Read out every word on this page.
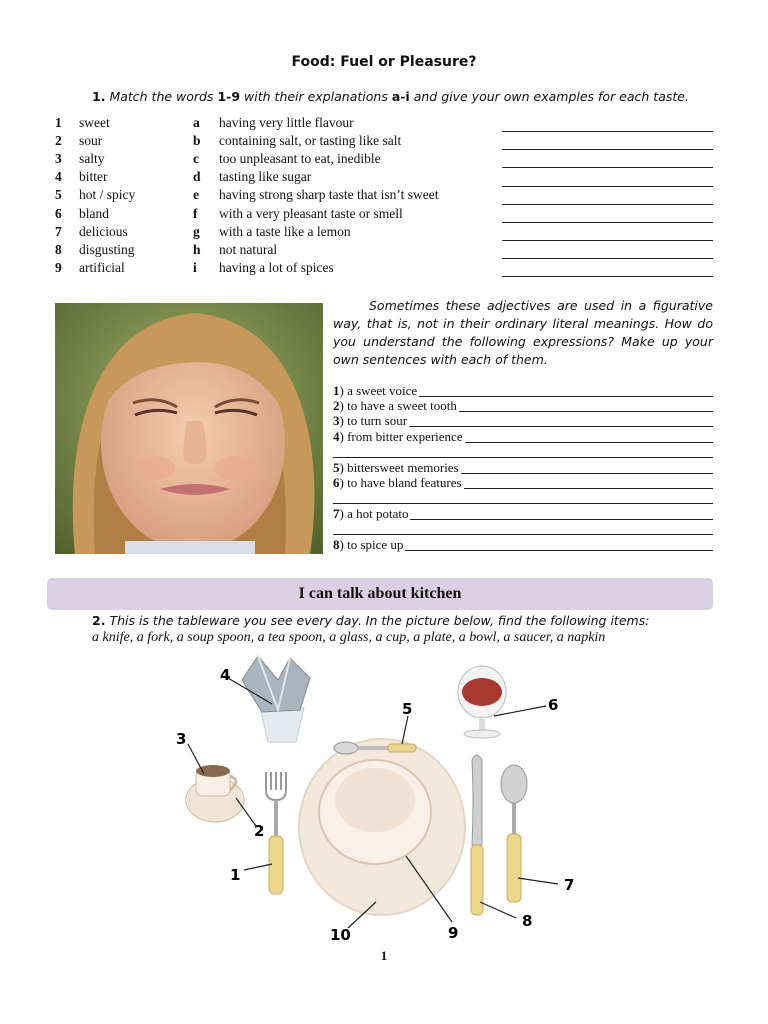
Food: Fuel or Pleasure?
1. Match the words 1-9 with their explanations a-i and give your own examples for each taste.
1 sweet	a having very little flavour
2 sour	b containing salt, or tasting like salt
3 salty	c too unpleasant to eat, inedible
4 bitter	d tasting like sugar
5 hot / spicy	e having strong sharp taste that isn’t sweet
6 bland	f with a very pleasant taste or smell
7 delicious	g with a taste like a lemon
8 disgusting	h not natural
9 artificial	i having a lot of spices
Sometimes these adjectives are used in a figurative way, that is, not in their ordinary literal meanings. How do you understand the following expressions? Make up your own sentences with each of them.
1) a sweet voice
2) to have a sweet tooth
3) to turn sour
4) from bitter experience
5) bittersweet memories
6) to have bland features
7) a hot potato
8) to spice up
I can talk about kitchen
2. This is the tableware you see every day. In the picture below, find the following items:
a knife, a fork, a soup spoon, a tea spoon, a glass, a cup, a plate, a bowl, a saucer, a napkin
4
3
2
1
5	6
7
8
9
10
1
